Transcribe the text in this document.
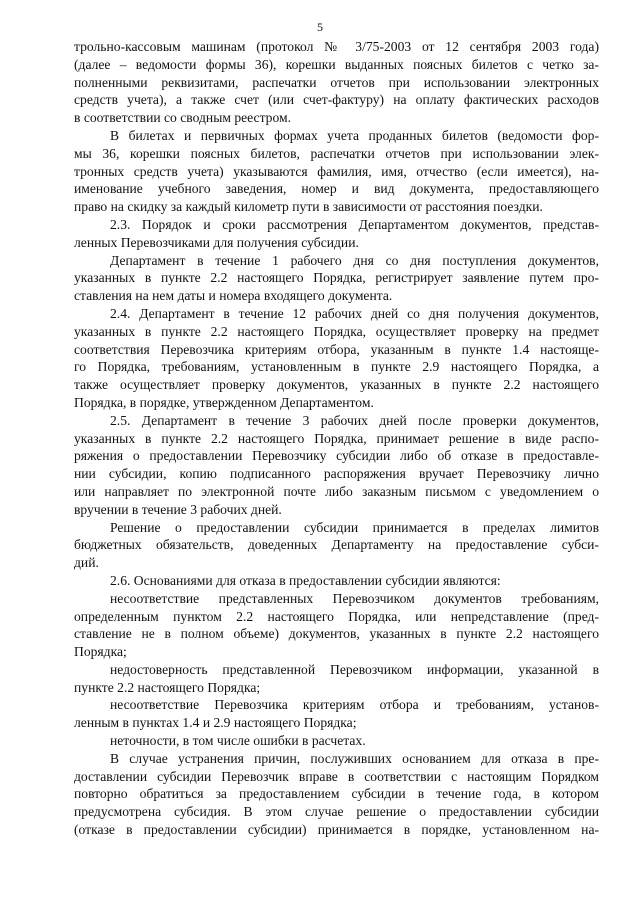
5
трольно-кассовым машинам (протокол № 3/75-2003 от 12 сентября 2003 года)
(далее – ведомости формы 36), корешки выданных поясных билетов с четко за-
полненными реквизитами, распечатки отчетов при использовании электронных
средств учета), а также счет (или счет-фактуру) на оплату фактических расходов
в соответствии со сводным реестром.
В билетах и первичных формах учета проданных билетов (ведомости фор-
мы 36, корешки поясных билетов, распечатки отчетов при использовании элек-
тронных средств учета) указываются фамилия, имя, отчество (если имеется), на-
именование учебного заведения, номер и вид документа, предоставляющего
право на скидку за каждый километр пути в зависимости от расстояния поездки.
2.3. Порядок и сроки рассмотрения Департаментом документов, представ-
ленных Перевозчиками для получения субсидии.
Департамент в течение 1 рабочего дня со дня поступления документов,
указанных в пункте 2.2 настоящего Порядка, регистрирует заявление путем про-
ставления на нем даты и номера входящего документа.
2.4. Департамент в течение 12 рабочих дней со дня получения документов,
указанных в пункте 2.2 настоящего Порядка, осуществляет проверку на предмет
соответствия Перевозчика критериям отбора, указанным в пункте 1.4 настояще-
го Порядка, требованиям, установленным в пункте 2.9 настоящего Порядка, а
также осуществляет проверку документов, указанных в пункте 2.2 настоящего
Порядка, в порядке, утвержденном Департаментом.
2.5. Департамент в течение 3 рабочих дней после проверки документов,
указанных в пункте 2.2 настоящего Порядка, принимает решение в виде распо-
ряжения о предоставлении Перевозчику субсидии либо об отказе в предоставле-
нии субсидии, копию подписанного распоряжения вручает Перевозчику лично
или направляет по электронной почте либо заказным письмом с уведомлением о
вручении в течение 3 рабочих дней.
Решение о предоставлении субсидии принимается в пределах лимитов
бюджетных обязательств, доведенных Департаменту на предоставление субси-
дий.
2.6. Основаниями для отказа в предоставлении субсидии являются:
несоответствие представленных Перевозчиком документов требованиям,
определенным пунктом 2.2 настоящего Порядка, или непредставление (пред-
ставление не в полном объеме) документов, указанных в пункте 2.2 настоящего
Порядка;
недостоверность представленной Перевозчиком информации, указанной в
пункте 2.2 настоящего Порядка;
несоответствие Перевозчика критериям отбора и требованиям, установ-
ленным в пунктах 1.4 и 2.9 настоящего Порядка;
неточности, в том числе ошибки в расчетах.
В случае устранения причин, послуживших основанием для отказа в пре-
доставлении субсидии Перевозчик вправе в соответствии с настоящим Порядком
повторно обратиться за предоставлением субсидии в течение года, в котором
предусмотрена субсидия. В этом случае решение о предоставлении субсидии
(отказе в предоставлении субсидии) принимается в порядке, установленном на-
